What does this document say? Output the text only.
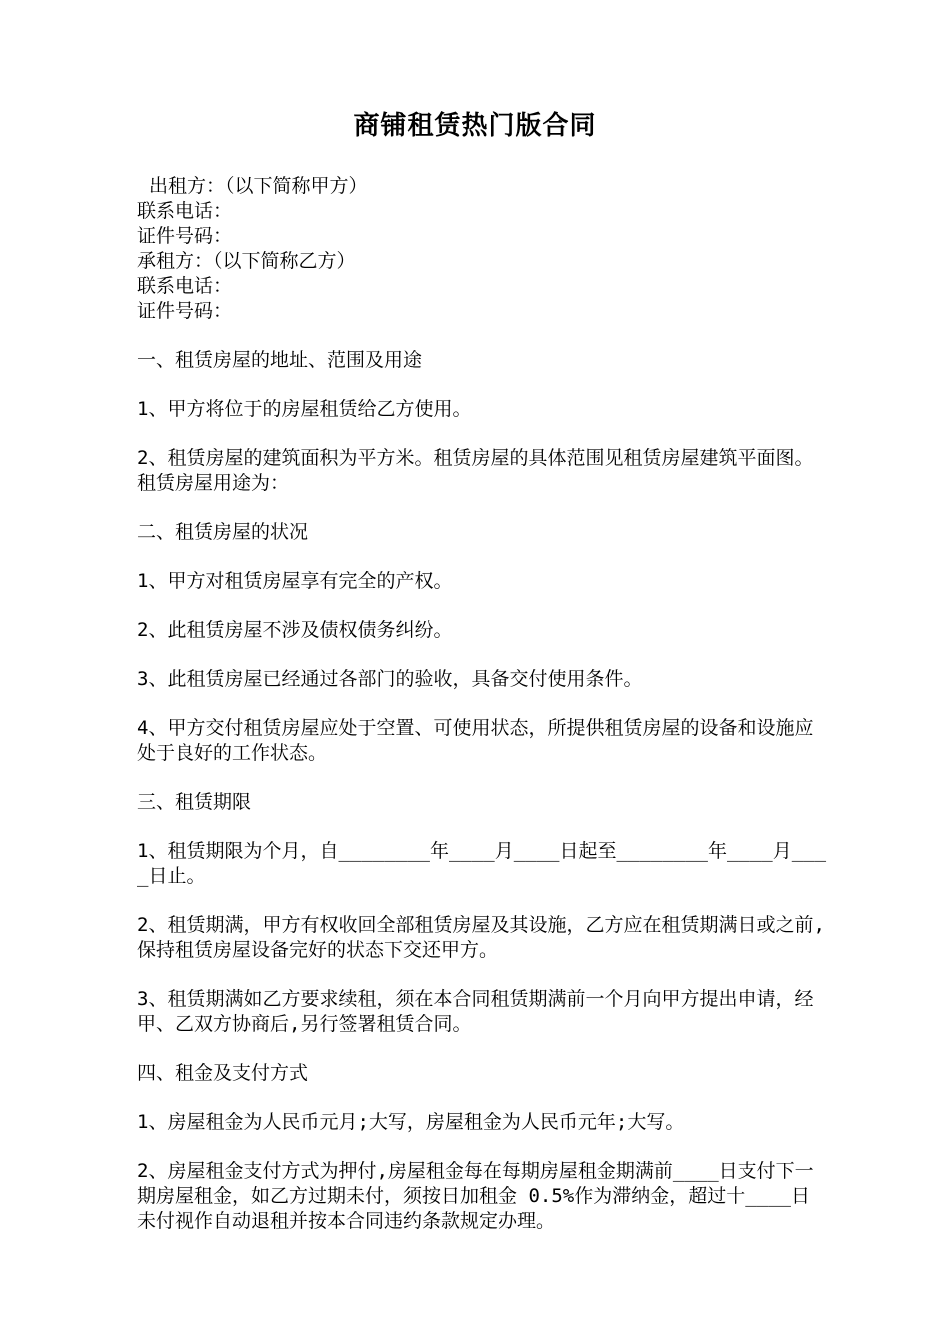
商铺租赁热门版合同

出租方：（以下简称甲方）

联系电话：

证件号码：

承租方：（以下简称乙方）

联系电话：

证件号码：

一、租赁房屋的地址、范围及用途

1、甲方将位于的房屋租赁给乙方使用。

2、租赁房屋的建筑面积为平方米。租赁房屋的具体范围见租赁房屋建筑平面图。租赁房屋用途为：

二、租赁房屋的状况

1、甲方对租赁房屋享有完全的产权。

2、此租赁房屋不涉及债权债务纠纷。

3、此租赁房屋已经通过各部门的验收，具备交付使用条件。

4、甲方交付租赁房屋应处于空置、可使用状态，所提供租赁房屋的设备和设施应处于良好的工作状态。

三、租赁期限

1、租赁期限为个月，自________年____月____日起至________年____月____日止。

2、租赁期满，甲方有权收回全部租赁房屋及其设施，乙方应在租赁期满日或之前,保持租赁房屋设备完好的状态下交还甲方。

3、租赁期满如乙方要求续租，须在本合同租赁期满前一个月向甲方提出申请，经甲、乙双方协商后,另行签署租赁合同。

四、租金及支付方式

1、房屋租金为人民币元月;大写，房屋租金为人民币元年;大写。

2、房屋租金支付方式为押付,房屋租金每在每期房屋租金期满前____日支付下一期房屋租金，如乙方过期未付，须按日加租金 0.5%作为滞纳金，超过十____日未付视作自动退租并按本合同违约条款规定办理。
